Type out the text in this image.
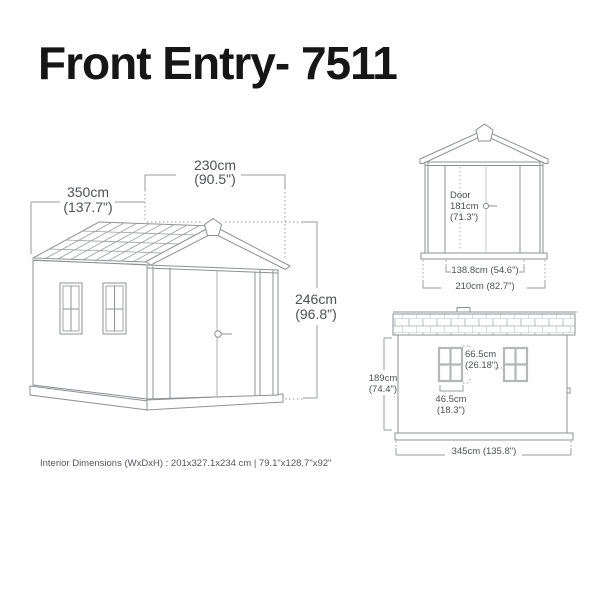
Front Entry- 7511
350cm
(137.7")
230cm
(90.5")
246cm
(96.8")
Door
181cm
(71.3")
138.8cm (54.6")
210cm (82.7")
66.5cm
(26.18")
189cm
(74.4")
46.5cm
(18.3")
345cm (135.8")
Interior Dimensions (WxDxH) : 201x327.1x234 cm | 79.1"x128.7"x92"
